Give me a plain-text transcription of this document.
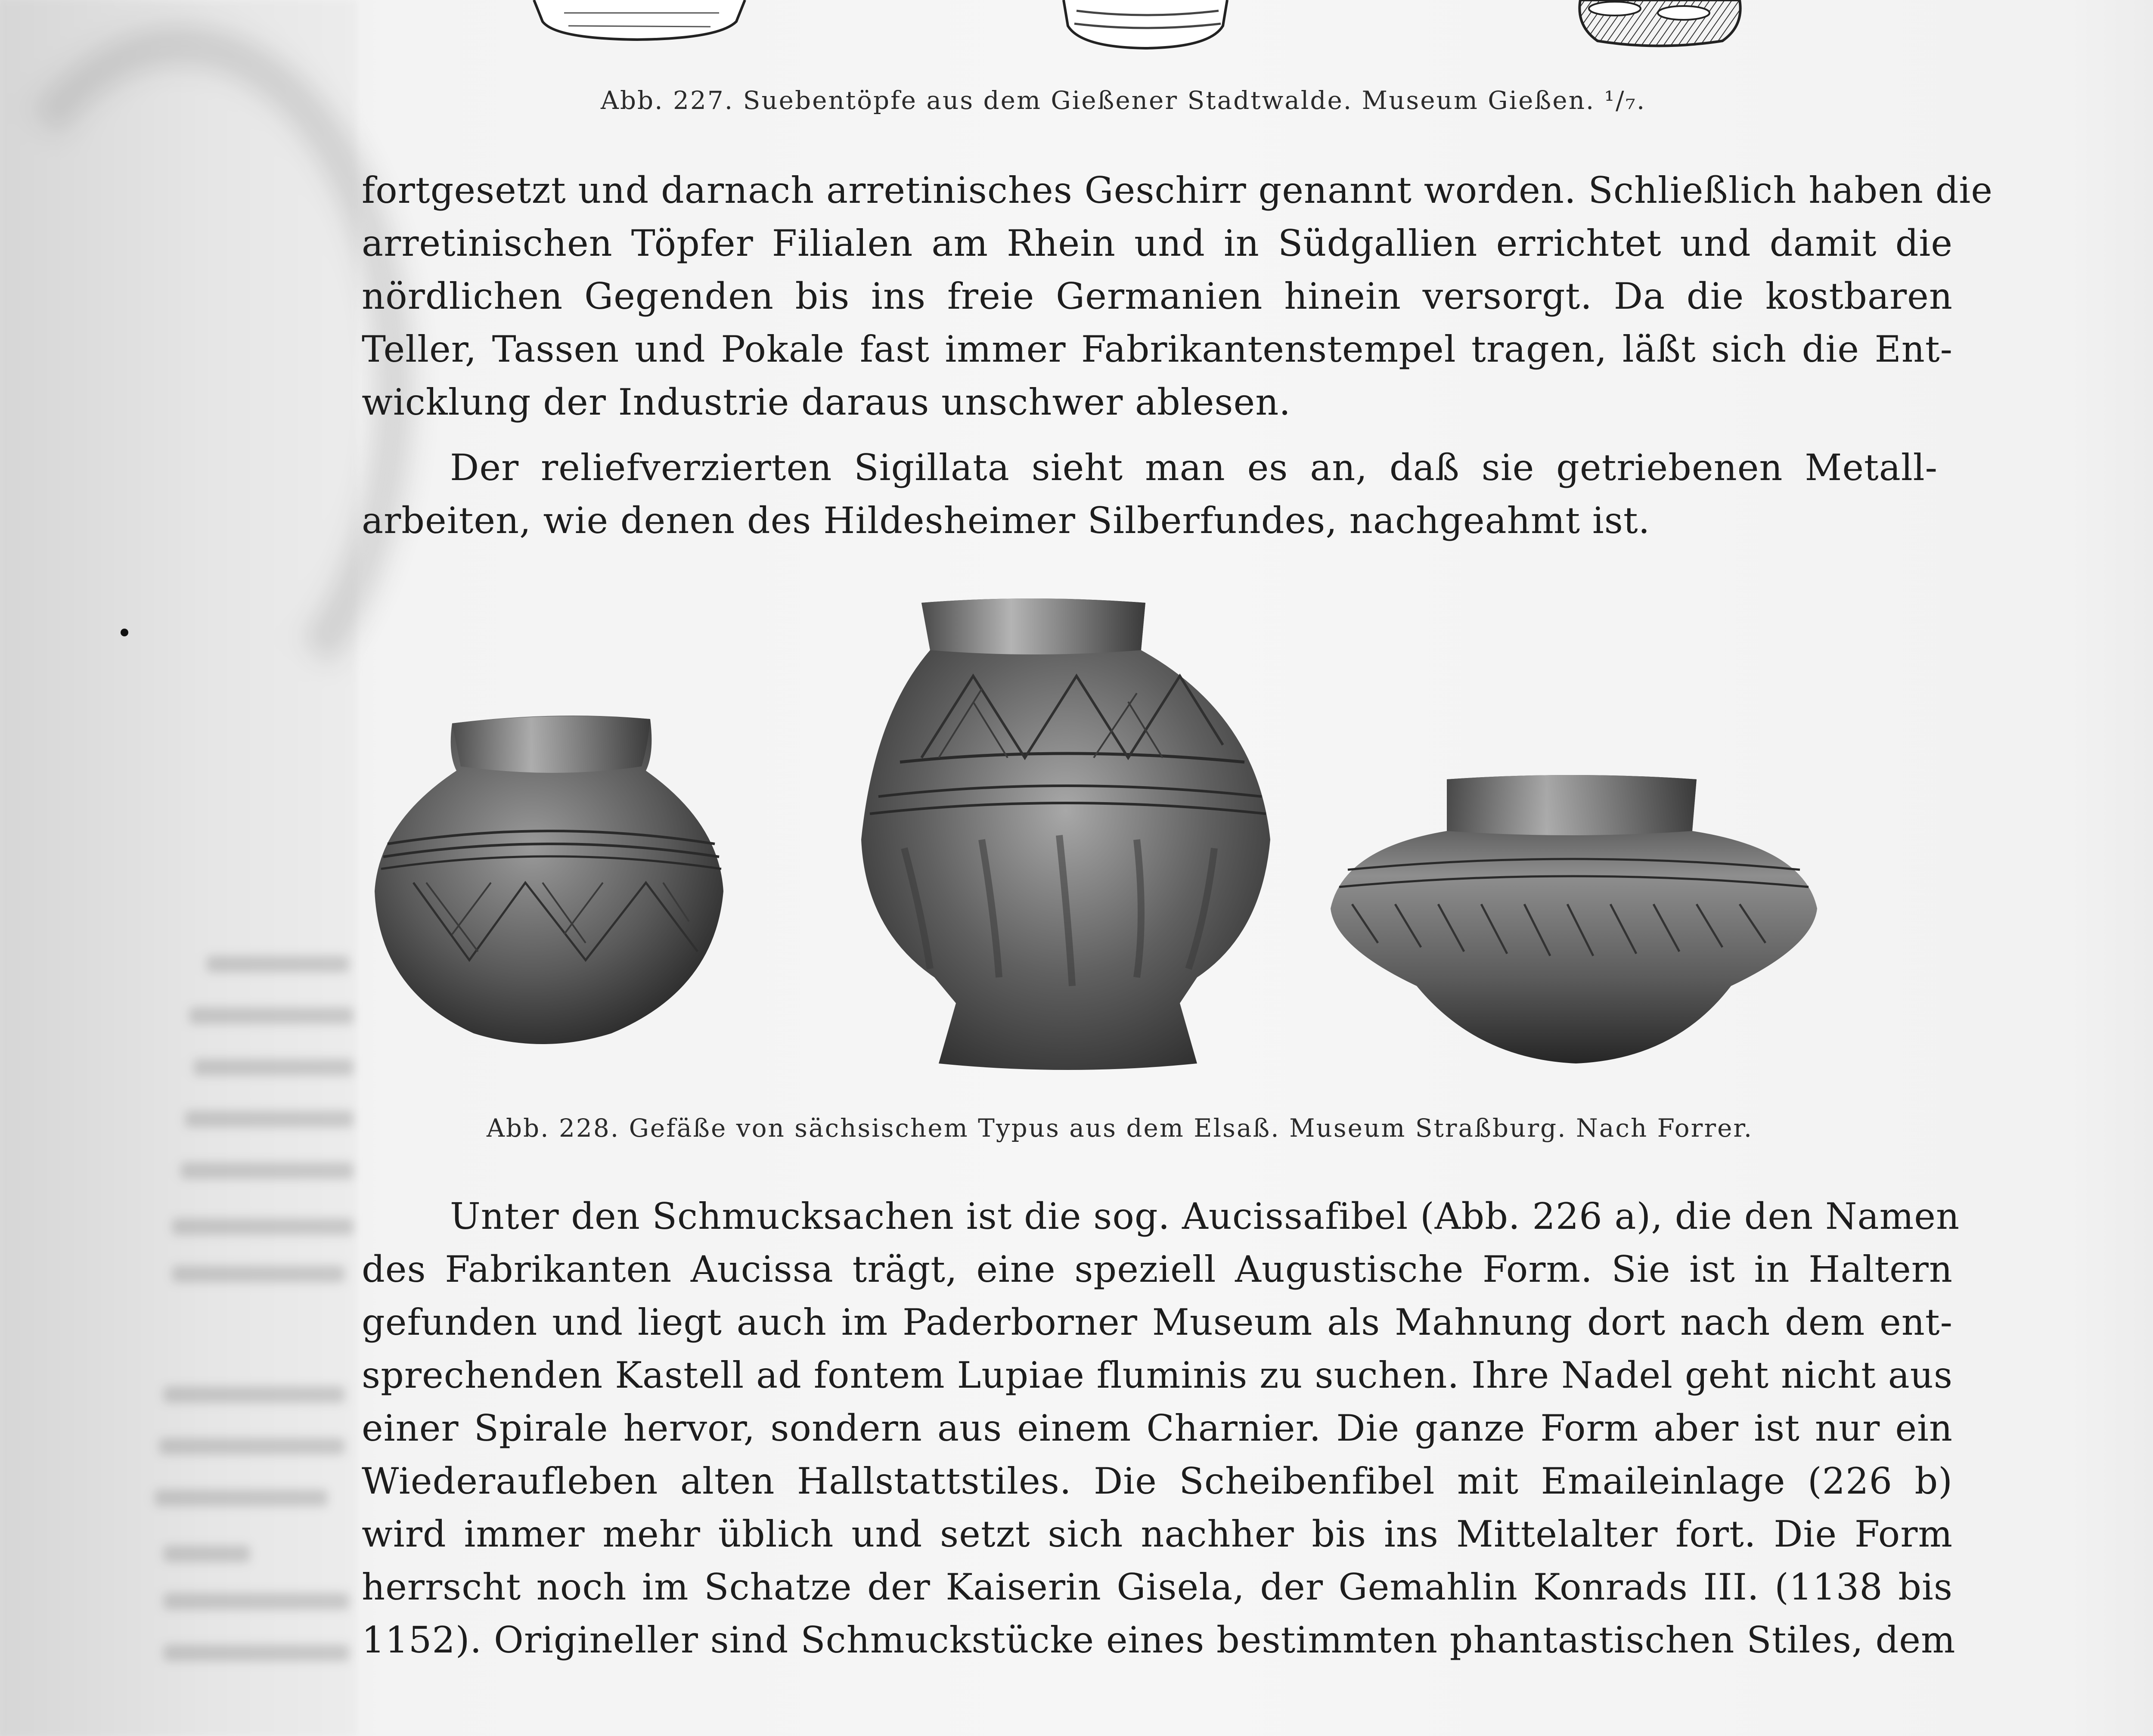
Abb. 227. Suebentöpfe aus dem Gießener Stadtwalde. Museum Gießen. ¹/₇.
fortgesetzt und darnach arretinisches Geschirr genannt worden. Schließlich haben die
arretinischen Töpfer Filialen am Rhein und in Südgallien errichtet und damit die
nördlichen Gegenden bis ins freie Germanien hinein versorgt. Da die kostbaren
Teller, Tassen und Pokale fast immer Fabrikantenstempel tragen, läßt sich die Ent-
wicklung der Industrie daraus unschwer ablesen.
Der reliefverzierten Sigillata sieht man es an, daß sie getriebenen Metall-
arbeiten, wie denen des Hildesheimer Silberfundes, nachgeahmt ist.
Abb. 228. Gefäße von sächsischem Typus aus dem Elsaß. Museum Straßburg. Nach Forrer.
Unter den Schmucksachen ist die sog. Aucissafibel (Abb. 226 a), die den Namen
des Fabrikanten Aucissa trägt, eine speziell Augustische Form. Sie ist in Haltern
gefunden und liegt auch im Paderborner Museum als Mahnung dort nach dem ent-
sprechenden Kastell ad fontem Lupiae fluminis zu suchen. Ihre Nadel geht nicht aus
einer Spirale hervor, sondern aus einem Charnier. Die ganze Form aber ist nur ein
Wiederaufleben alten Hallstattstiles. Die Scheibenfibel mit Emaileinlage (226 b)
wird immer mehr üblich und setzt sich nachher bis ins Mittelalter fort. Die Form
herrscht noch im Schatze der Kaiserin Gisela, der Gemahlin Konrads III. (1138 bis
1152). Origineller sind Schmuckstücke eines bestimmten phantastischen Stiles, dem
